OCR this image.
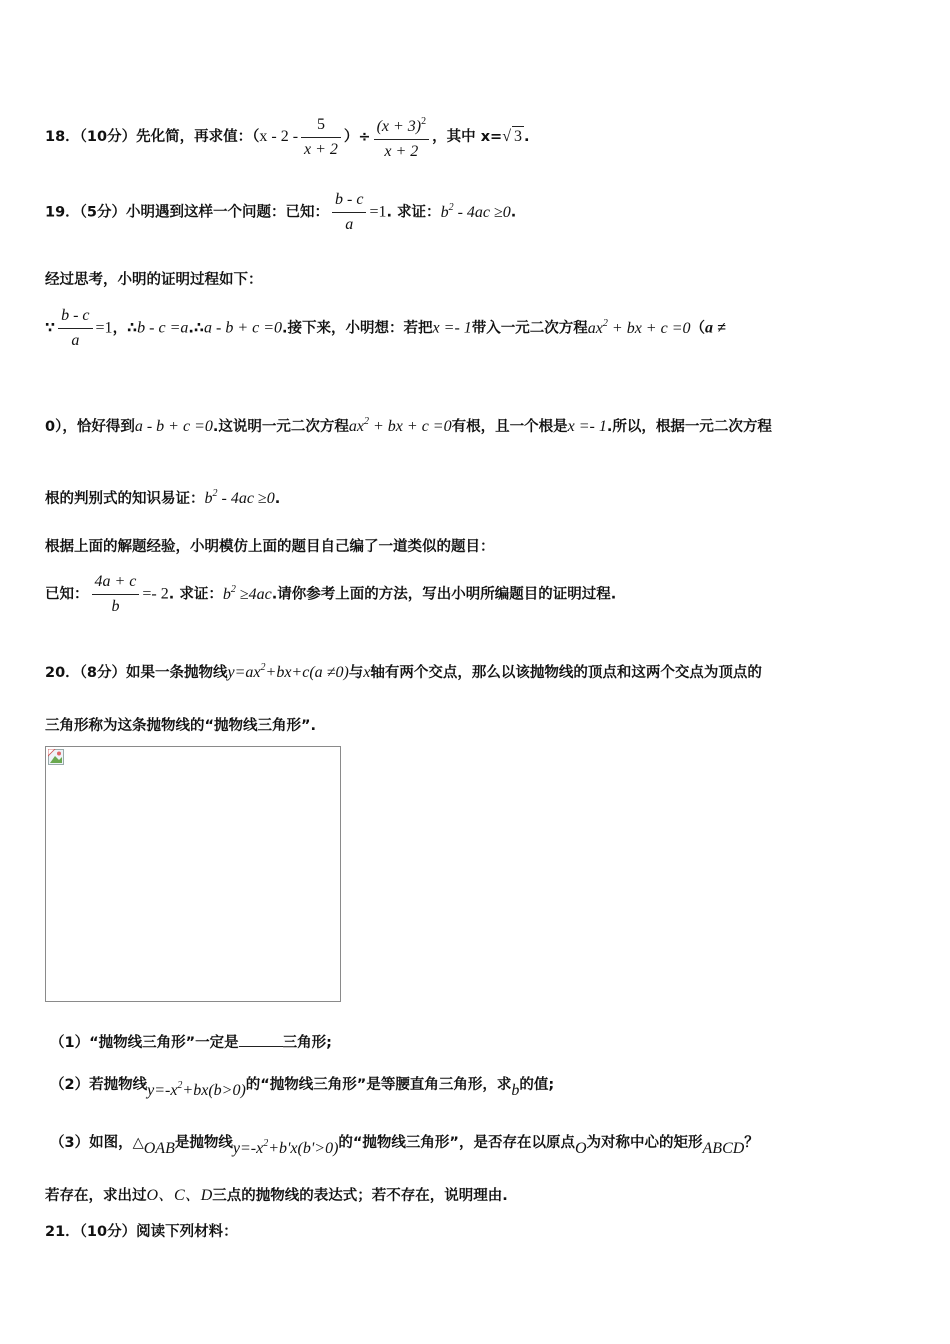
18．（10分）先化简，再求值：（$x - 2 - \frac{5}{x + 2}$ ）÷ $\frac{(x + 3)^2}{x + 2}$ ，其中 x=√ 3 .
19．（5分）小明遇到这样一个问题：已知： $\frac{b - c}{a} =1$. 求证：$b^2 - 4ac \ge 0$.
经过思考，小明的证明过程如下：
∵ $\frac{b - c}{a} =1$，∴b - c =a.∴a - b + c =0.接下来，小明想：若把x =- 1带入一元二次方程$ax^2$ + bx + c =0（a ≠
0），恰好得到a - b + c =0.这说明一元二次方程$ax^2$ + bx + c =0有根，且一个根是x =- 1.所以，根据一元二次方程
根的判别式的知识易证：$b^2 - 4ac \ge 0$.
根据上面的解题经验，小明模仿上面的题目自己编了一道类似的题目：
已知： $\frac{4a + c}{b} =- 2$. 求证：$b^2 \ge 4ac$.请你参考上面的方法，写出小明所编题目的证明过程.
20．（8分）如果一条抛物线$y=ax^2+bx+c(a \ne 0)$与x轴有两个交点，那么以该抛物线的顶点和这两个交点为顶点的
三角形称为这条抛物线的“抛物线三角形”.
（1）“抛物线三角形”一定是	三角形;
（2）若抛物线$y=-x^2+bx(b>0)$的“抛物线三角形”是等腰直角三角形，求b的值;
（3）如图，△OAB是抛物线$y=-x^2+b'x(b'>0)$的“抛物线三角形”，是否存在以原点O为对称中心的矩形ABCD？
若存在，求出过O、C、D三点的抛物线的表达式；若不存在，说明理由.
21．（10分）阅读下列材料：
